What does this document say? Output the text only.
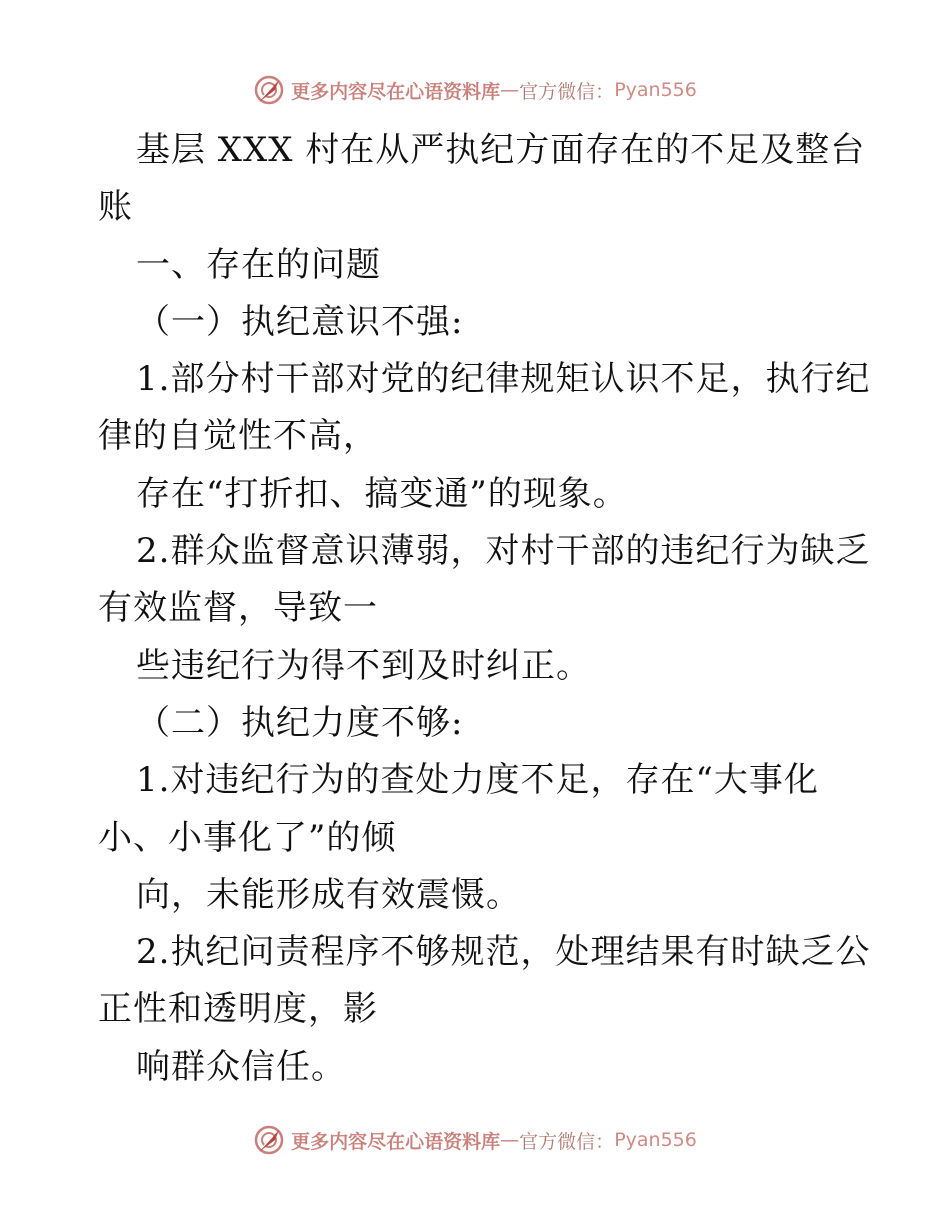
更多内容尽在心语资料库 — 官方微信： Pyan556
基层 XXX 村在从严执纪方面存在的不足及整台
账
一、存在的问题
（一）执纪意识不强:
1.部分村干部对党的纪律规矩认识不足，执行纪
律的自觉性不高，
存在“打折扣、搞变通”的现象。
2.群众监督意识薄弱，对村干部的违纪行为缺乏
有效监督，导致一
些违纪行为得不到及时纠正。
（二）执纪力度不够:
1.对违纪行为的查处力度不足，存在“大事化
小、小事化了”的倾
向，未能形成有效震慑。
2.执纪问责程序不够规范，处理结果有时缺乏公
正性和透明度，影
响群众信任。
更多内容尽在心语资料库 — 官方微信： Pyan556
